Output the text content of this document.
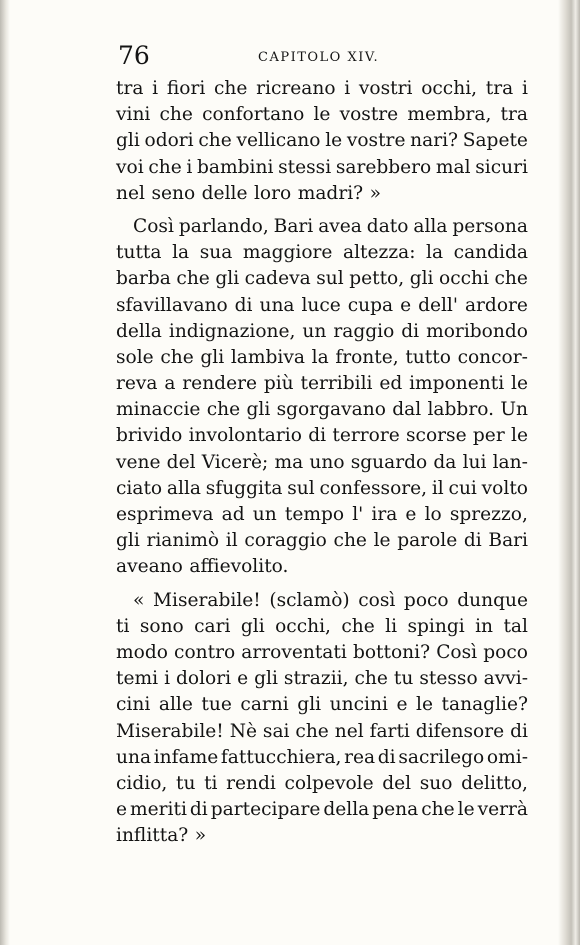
76	CAPITOLO XIV.
tra i fiori che ricreano i vostri occhi, tra i
vini che confortano le vostre membra, tra
gli odori che vellicano le vostre nari? Sapete
voi che i bambini stessi sarebbero mal sicuri
nel seno delle loro madri? »
Così parlando, Bari avea dato alla persona
tutta la sua maggiore altezza: la candida
barba che gli cadeva sul petto, gli occhi che
sfavillavano di una luce cupa e dell' ardore
della indignazione, un raggio di moribondo
sole che gli lambiva la fronte, tutto concor-
reva a rendere più terribili ed imponenti le
minaccie che gli sgorgavano dal labbro. Un
brivido involontario di terrore scorse per le
vene del Vicerè; ma uno sguardo da lui lan-
ciato alla sfuggita sul confessore, il cui volto
esprimeva ad un tempo l' ira e lo sprezzo,
gli rianimò il coraggio che le parole di Bari
aveano affievolito.
« Miserabile! (sclamò) così poco dunque
ti sono cari gli occhi, che li spingi in tal
modo contro arroventati bottoni? Così poco
temi i dolori e gli strazii, che tu stesso avvi-
cini alle tue carni gli uncini e le tanaglie?
Miserabile! Nè sai che nel farti difensore di
una infame fattucchiera, rea di sacrilego omi-
cidio, tu ti rendi colpevole del suo delitto,
e meriti di partecipare della pena che le verrà
inflitta? »
